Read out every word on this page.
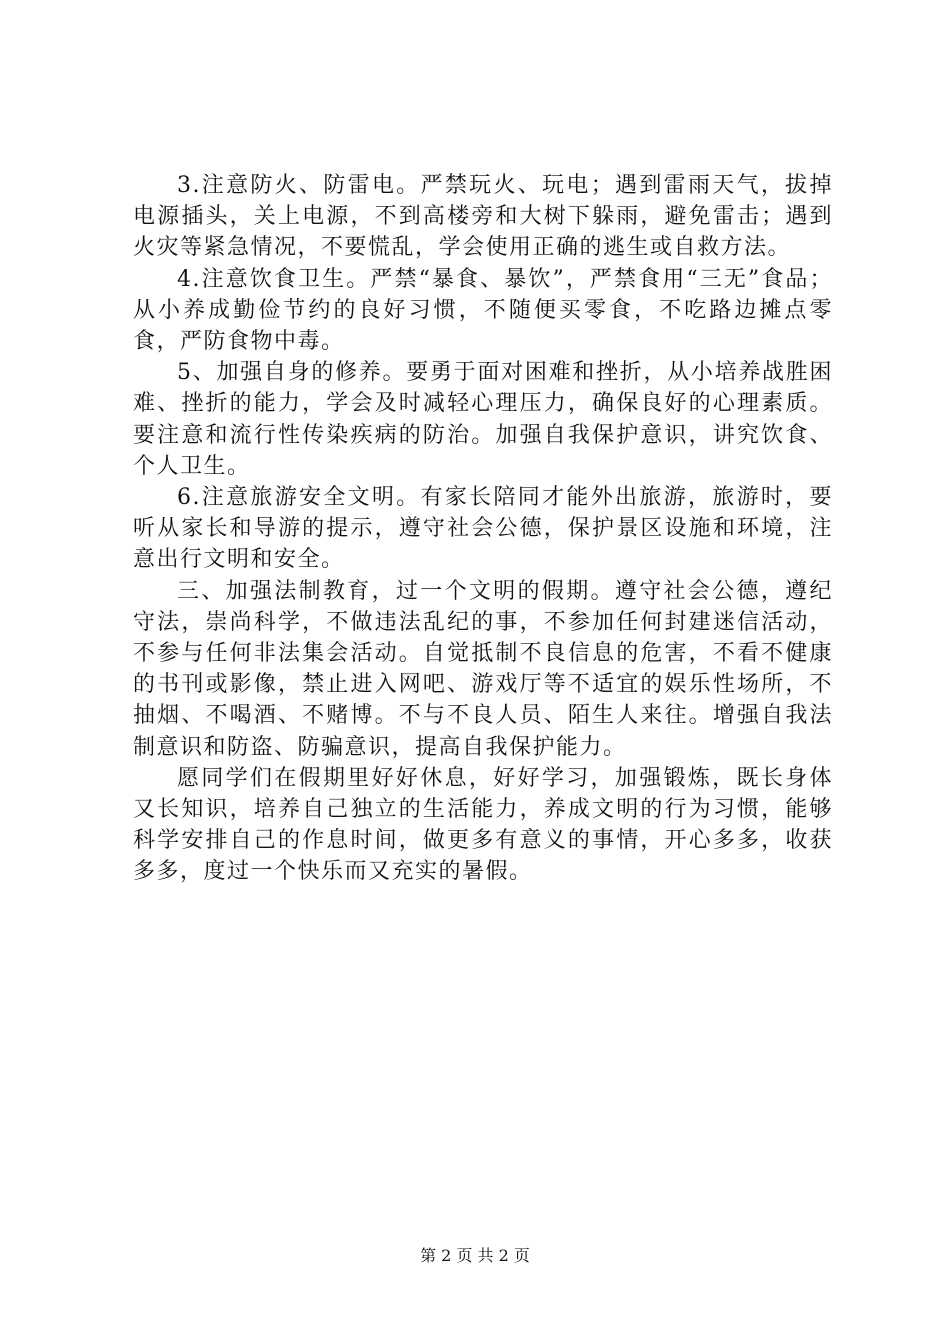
3.注意防火、防雷电。严禁玩火、玩电；遇到雷雨天气，拔掉电源插头，关上电源，不到高楼旁和大树下躲雨，避免雷击；遇到火灾等紧急情况，不要慌乱，学会使用正确的逃生或自救方法。

4.注意饮食卫生。严禁“暴食、暴饮”，严禁食用“三无”食品；从小养成勤俭节约的良好习惯，不随便买零食，不吃路边摊点零食，严防食物中毒。

5、加强自身的修养。要勇于面对困难和挫折，从小培养战胜困难、挫折的能力，学会及时减轻心理压力，确保良好的心理素质。要注意和流行性传染疾病的防治。加强自我保护意识，讲究饮食、个人卫生。

6.注意旅游安全文明。有家长陪同才能外出旅游，旅游时，要听从家长和导游的提示，遵守社会公德，保护景区设施和环境，注意出行文明和安全。

三、加强法制教育，过一个文明的假期。遵守社会公德，遵纪守法，崇尚科学，不做违法乱纪的事，不参加任何封建迷信活动，不参与任何非法集会活动。自觉抵制不良信息的危害，不看不健康的书刊或影像，禁止进入网吧、游戏厅等不适宜的娱乐性场所，不抽烟、不喝酒、不赌博。不与不良人员、陌生人来往。增强自我法制意识和防盗、防骗意识，提高自我保护能力。

愿同学们在假期里好好休息，好好学习，加强锻炼，既长身体又长知识，培养自己独立的生活能力，养成文明的行为习惯，能够科学安排自己的作息时间，做更多有意义的事情，开心多多，收获多多，度过一个快乐而又充实的暑假。

第 2 页 共 2 页
